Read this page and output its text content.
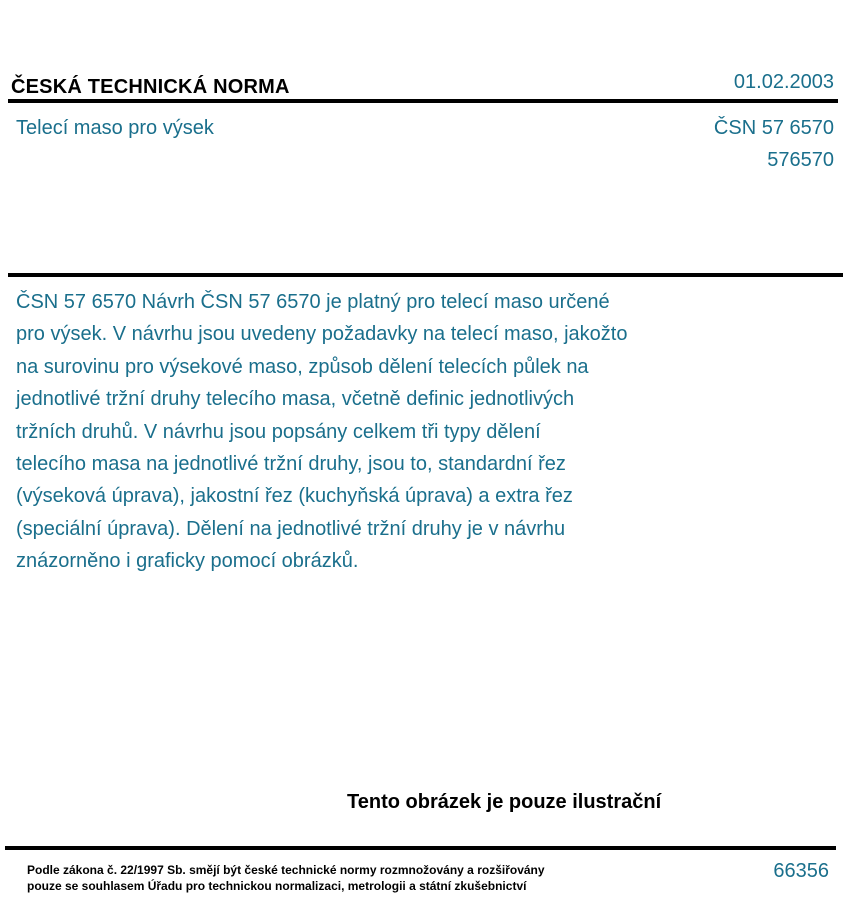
ČESKÁ TECHNICKÁ NORMA	01.02.2003
Telecí maso pro výsek	ČSN 57 6570
576570
ČSN 57 6570 Návrh ČSN 57 6570 je platný pro telecí maso určené
pro výsek. V návrhu jsou uvedeny požadavky na telecí maso, jakožto
na surovinu pro výsekové maso, způsob dělení telecích půlek na
jednotlivé tržní druhy telecího masa, včetně definic jednotlivých
tržních druhů. V návrhu jsou popsány celkem tři typy dělení
telecího masa na jednotlivé tržní druhy, jsou to, standardní řez
(výseková úprava), jakostní řez (kuchyňská úprava) a extra řez
(speciální úprava). Dělení na jednotlivé tržní druhy je v návrhu
znázorněno i graficky pomocí obrázků.
Tento obrázek je pouze ilustrační
Podle zákona č. 22/1997 Sb. smějí být české technické normy rozmnožovány a rozšiřovány
pouze se souhlasem Úřadu pro technickou normalizaci, metrologii a státní zkušebnictví
66356
